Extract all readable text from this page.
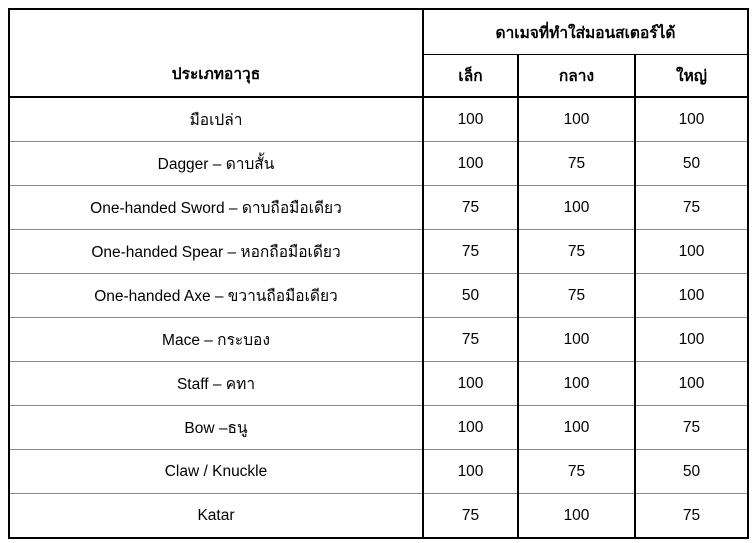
ประเภทอาวุธ	ดาเมจที่ทำใส่มอนสเตอร์ได้		
	เล็ก	กลาง	ใหญ่
มือเปล่า	100	100	100
Dagger – ดาบสั้น	100	75	50
One-handed Sword – ดาบถือมือเดียว	75	100	75
One-handed Spear – หอกถือมือเดียว	75	75	100
One-handed Axe – ขวานถือมือเดียว	50	75	100
Mace – กระบอง	75	100	100
Staff – คทา	100	100	100
Bow –ธนู	100	100	75
Claw / Knuckle	100	75	50
Katar	75	100	75
